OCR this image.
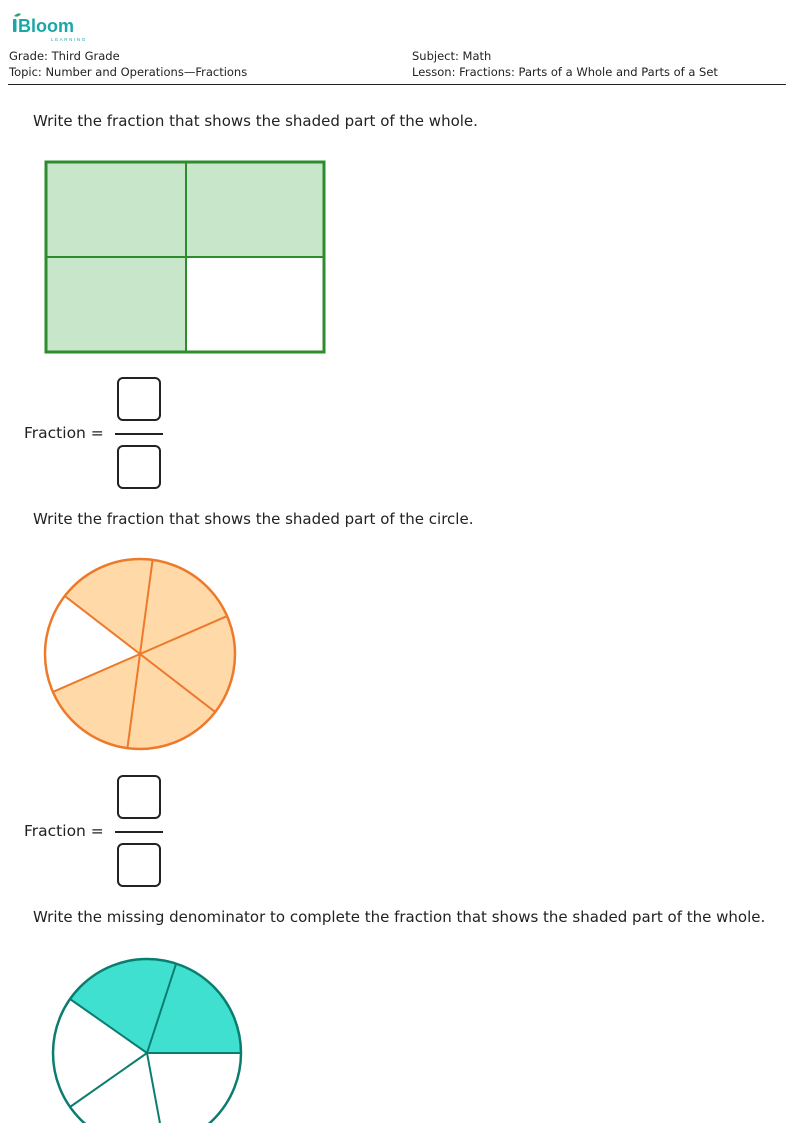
Bloom
LEARNING
Grade: Third Grade
Topic: Number and Operations—Fractions
Subject: Math
Lesson: Fractions: Parts of a Whole and Parts of a Set
Write the fraction that shows the shaded part of the whole.
Fraction =
Write the fraction that shows the shaded part of the circle.
Fraction =
Write the missing denominator to complete the fraction that shows the shaded part of the whole.
